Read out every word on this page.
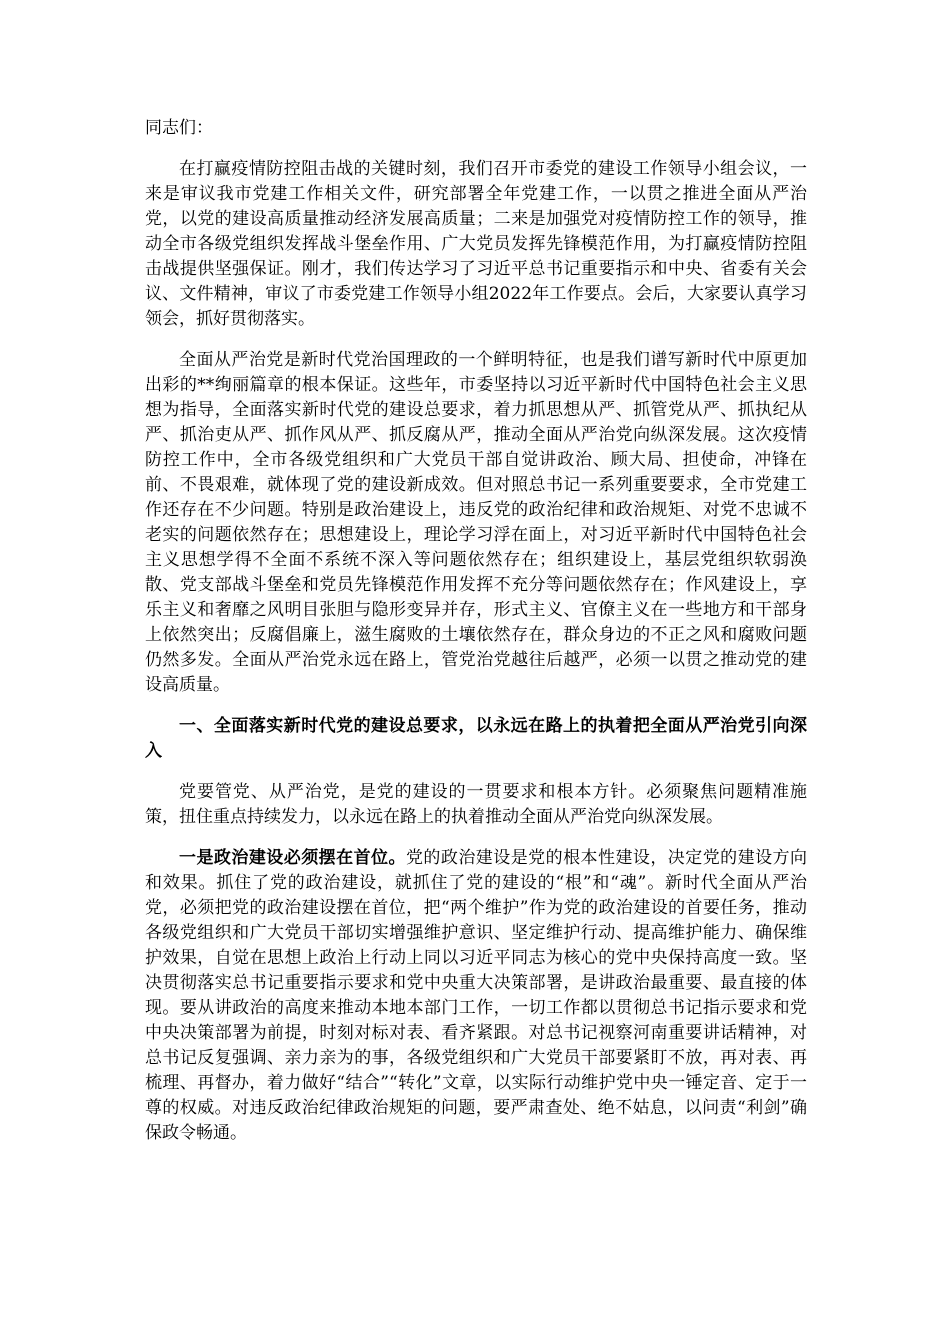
同志们：

在打赢疫情防控阻击战的关键时刻，我们召开市委党的建设工作领导小组会议，一来是审议我市党建工作相关文件，研究部署全年党建工作，一以贯之推进全面从严治党，以党的建设高质量推动经济发展高质量；二来是加强党对疫情防控工作的领导，推动全市各级党组织发挥战斗堡垒作用、广大党员发挥先锋模范作用，为打赢疫情防控阻击战提供坚强保证。刚才，我们传达学习了习近平总书记重要指示和中央、省委有关会议、文件精神，审议了市委党建工作领导小组2022年工作要点。会后，大家要认真学习领会，抓好贯彻落实。

全面从严治党是新时代党治国理政的一个鲜明特征，也是我们谱写新时代中原更加出彩的**绚丽篇章的根本保证。这些年，市委坚持以习近平新时代中国特色社会主义思想为指导，全面落实新时代党的建设总要求，着力抓思想从严、抓管党从严、抓执纪从严、抓治吏从严、抓作风从严、抓反腐从严，推动全面从严治党向纵深发展。这次疫情防控工作中，全市各级党组织和广大党员干部自觉讲政治、顾大局、担使命，冲锋在前、不畏艰难，就体现了党的建设新成效。但对照总书记一系列重要要求，全市党建工作还存在不少问题。特别是政治建设上，违反党的政治纪律和政治规矩、对党不忠诚不老实的问题依然存在；思想建设上，理论学习浮在面上，对习近平新时代中国特色社会主义思想学得不全面不系统不深入等问题依然存在；组织建设上，基层党组织软弱涣散、党支部战斗堡垒和党员先锋模范作用发挥不充分等问题依然存在；作风建设上，享乐主义和奢靡之风明目张胆与隐形变异并存，形式主义、官僚主义在一些地方和干部身上依然突出；反腐倡廉上，滋生腐败的土壤依然存在，群众身边的不正之风和腐败问题仍然多发。全面从严治党永远在路上，管党治党越往后越严，必须一以贯之推动党的建设高质量。

一、全面落实新时代党的建设总要求，以永远在路上的执着把全面从严治党引向深入

党要管党、从严治党，是党的建设的一贯要求和根本方针。必须聚焦问题精准施策，扭住重点持续发力，以永远在路上的执着推动全面从严治党向纵深发展。

一是政治建设必须摆在首位。党的政治建设是党的根本性建设，决定党的建设方向和效果。抓住了党的政治建设，就抓住了党的建设的“根”和“魂”。新时代全面从严治党，必须把党的政治建设摆在首位，把“两个维护”作为党的政治建设的首要任务，推动各级党组织和广大党员干部切实增强维护意识、坚定维护行动、提高维护能力、确保维护效果，自觉在思想上政治上行动上同以习近平同志为核心的党中央保持高度一致。坚决贯彻落实总书记重要指示要求和党中央重大决策部署，是讲政治最重要、最直接的体现。要从讲政治的高度来推动本地本部门工作，一切工作都以贯彻总书记指示要求和党中央决策部署为前提，时刻对标对表、看齐紧跟。对总书记视察河南重要讲话精神，对总书记反复强调、亲力亲为的事，各级党组织和广大党员干部要紧盯不放，再对表、再梳理、再督办，着力做好“结合”“转化”文章，以实际行动维护党中央一锤定音、定于一尊的权威。对违反政治纪律政治规矩的问题，要严肃查处、绝不姑息，以问责“利剑”确保政令畅通。
